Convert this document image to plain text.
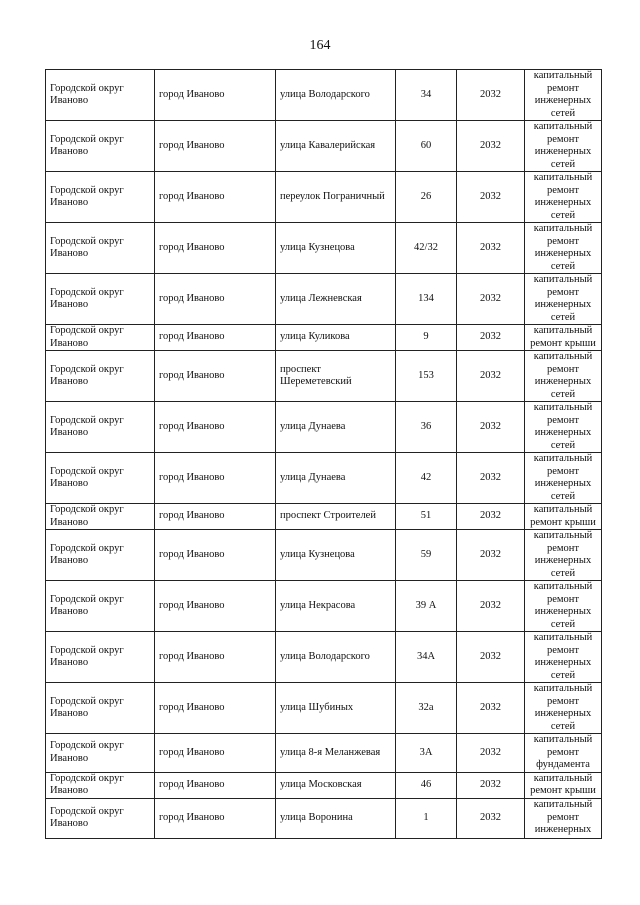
164
Городской округ Иваново	город Иваново	улица Володарского	34	2032	капитальный ремонт инженерных сетей
Городской округ Иваново	город Иваново	улица Кавалерийская	60	2032	капитальный ремонт инженерных сетей
Городской округ Иваново	город Иваново	переулок Пограничный	26	2032	капитальный ремонт инженерных сетей
Городской округ Иваново	город Иваново	улица Кузнецова	42/32	2032	капитальный ремонт инженерных сетей
Городской округ Иваново	город Иваново	улица Лежневская	134	2032	капитальный ремонт инженерных сетей
Городской округ Иваново	город Иваново	улица Куликова	9	2032	капитальный ремонт крыши
Городской округ Иваново	город Иваново	проспект Шереметевский	153	2032	капитальный ремонт инженерных сетей
Городской округ Иваново	город Иваново	улица Дунаева	36	2032	капитальный ремонт инженерных сетей
Городской округ Иваново	город Иваново	улица Дунаева	42	2032	капитальный ремонт инженерных сетей
Городской округ Иваново	город Иваново	проспект Строителей	51	2032	капитальный ремонт крыши
Городской округ Иваново	город Иваново	улица Кузнецова	59	2032	капитальный ремонт инженерных сетей
Городской округ Иваново	город Иваново	улица Некрасова	39 А	2032	капитальный ремонт инженерных сетей
Городской округ Иваново	город Иваново	улица Володарского	34А	2032	капитальный ремонт инженерных сетей
Городской округ Иваново	город Иваново	улица Шубиных	32а	2032	капитальный ремонт инженерных сетей
Городской округ Иваново	город Иваново	улица 8-я Меланжевая	3А	2032	капитальный ремонт фундамента
Городской округ Иваново	город Иваново	улица Московская	46	2032	капитальный ремонт крыши
Городской округ Иваново	город Иваново	улица Воронина	1	2032	капитальный ремонт инженерных
